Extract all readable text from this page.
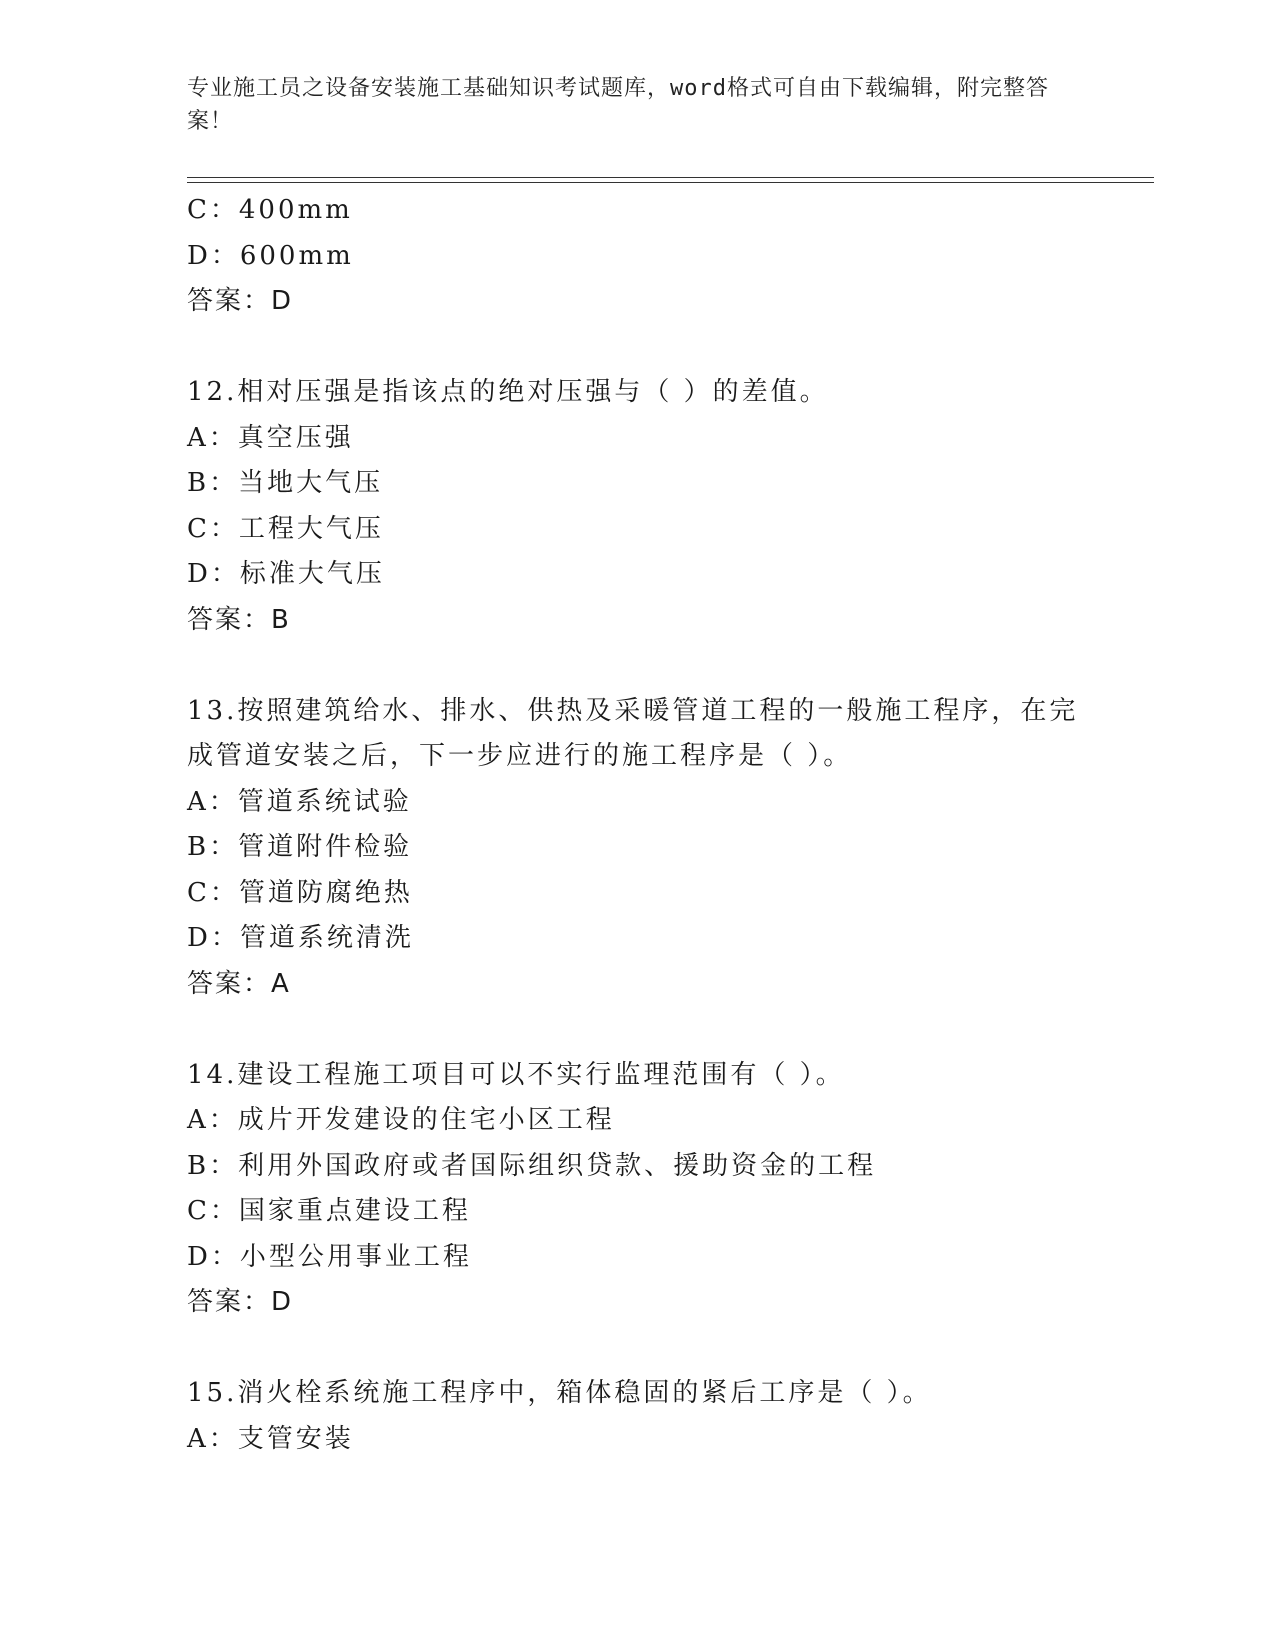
专业施工员之设备安装施工基础知识考试题库，word格式可自由下载编辑，附完整答案！
C：400mm
D：600mm
答案：D
12.相对压强是指该点的绝对压强与（ ）的差值。
A：真空压强
B：当地大气压
C：工程大气压
D：标准大气压
答案：B
13.按照建筑给水、排水、供热及采暖管道工程的一般施工程序，在完
成管道安装之后，下一步应进行的施工程序是（ ）。
A：管道系统试验
B：管道附件检验
C：管道防腐绝热
D：管道系统清洗
答案：A
14.建设工程施工项目可以不实行监理范围有（ ）。
A：成片开发建设的住宅小区工程
B：利用外国政府或者国际组织贷款、援助资金的工程
C：国家重点建设工程
D：小型公用事业工程
答案：D
15.消火栓系统施工程序中，箱体稳固的紧后工序是（ ）。
A：支管安装
